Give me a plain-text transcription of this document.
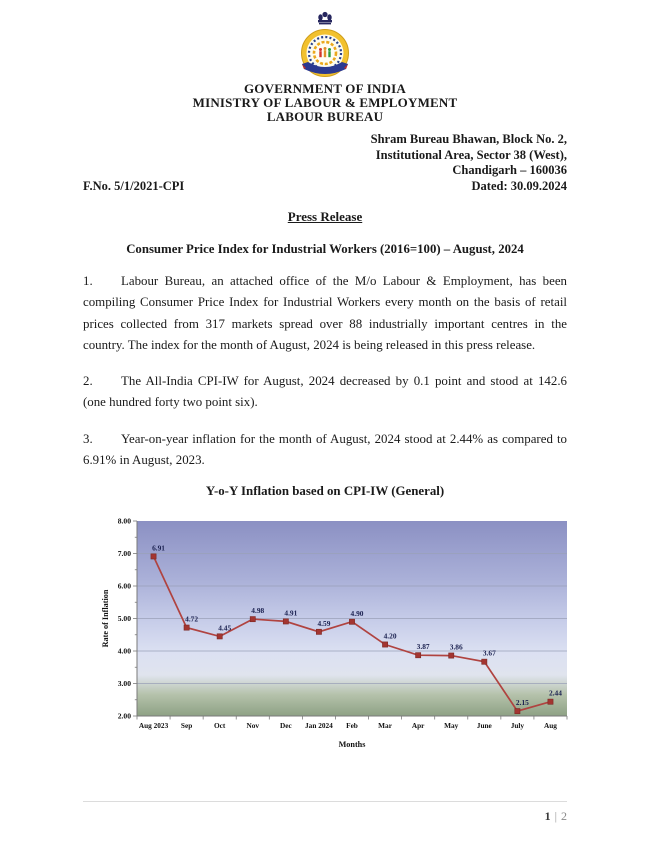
GOVERNMENT OF INDIA
MINISTRY OF LABOUR & EMPLOYMENT
LABOUR BUREAU
Shram Bureau Bhawan, Block No. 2,
Institutional Area, Sector 38 (West),
Chandigarh – 160036
F.No. 5/1/2021-CPI	Dated: 30.09.2024
Press Release
Consumer Price Index for Industrial Workers (2016=100) – August, 2024

1. Labour Bureau, an attached office of the M/o Labour & Employment, has been compiling Consumer Price Index for Industrial Workers every month on the basis of retail prices collected from 317 markets spread over 88 industrially important centres in the country. The index for the month of August, 2024 is being released in this press release.

2. The All-India CPI-IW for August, 2024 decreased by 0.1 point and stood at 142.6 (one hundred forty two point six).

3. Year-on-year inflation for the month of August, 2024 stood at 2.44% as compared to 6.91% in August, 2023.

Y-o-Y Inflation based on CPI-IW (General)
2.00
3.00
4.00
5.00
6.00
7.00
8.00
Aug 2023 Sep	Oct	Nov	Dec Jan 2024 Feb	Mar	Apr	May	June	July	Aug
Months
Rate of Inflation
6.91
4.72
4.45
4.98	4.91
4.59
4.90
4.20
3.87	3.86
3.67
2.15
2.44
1 | 2
